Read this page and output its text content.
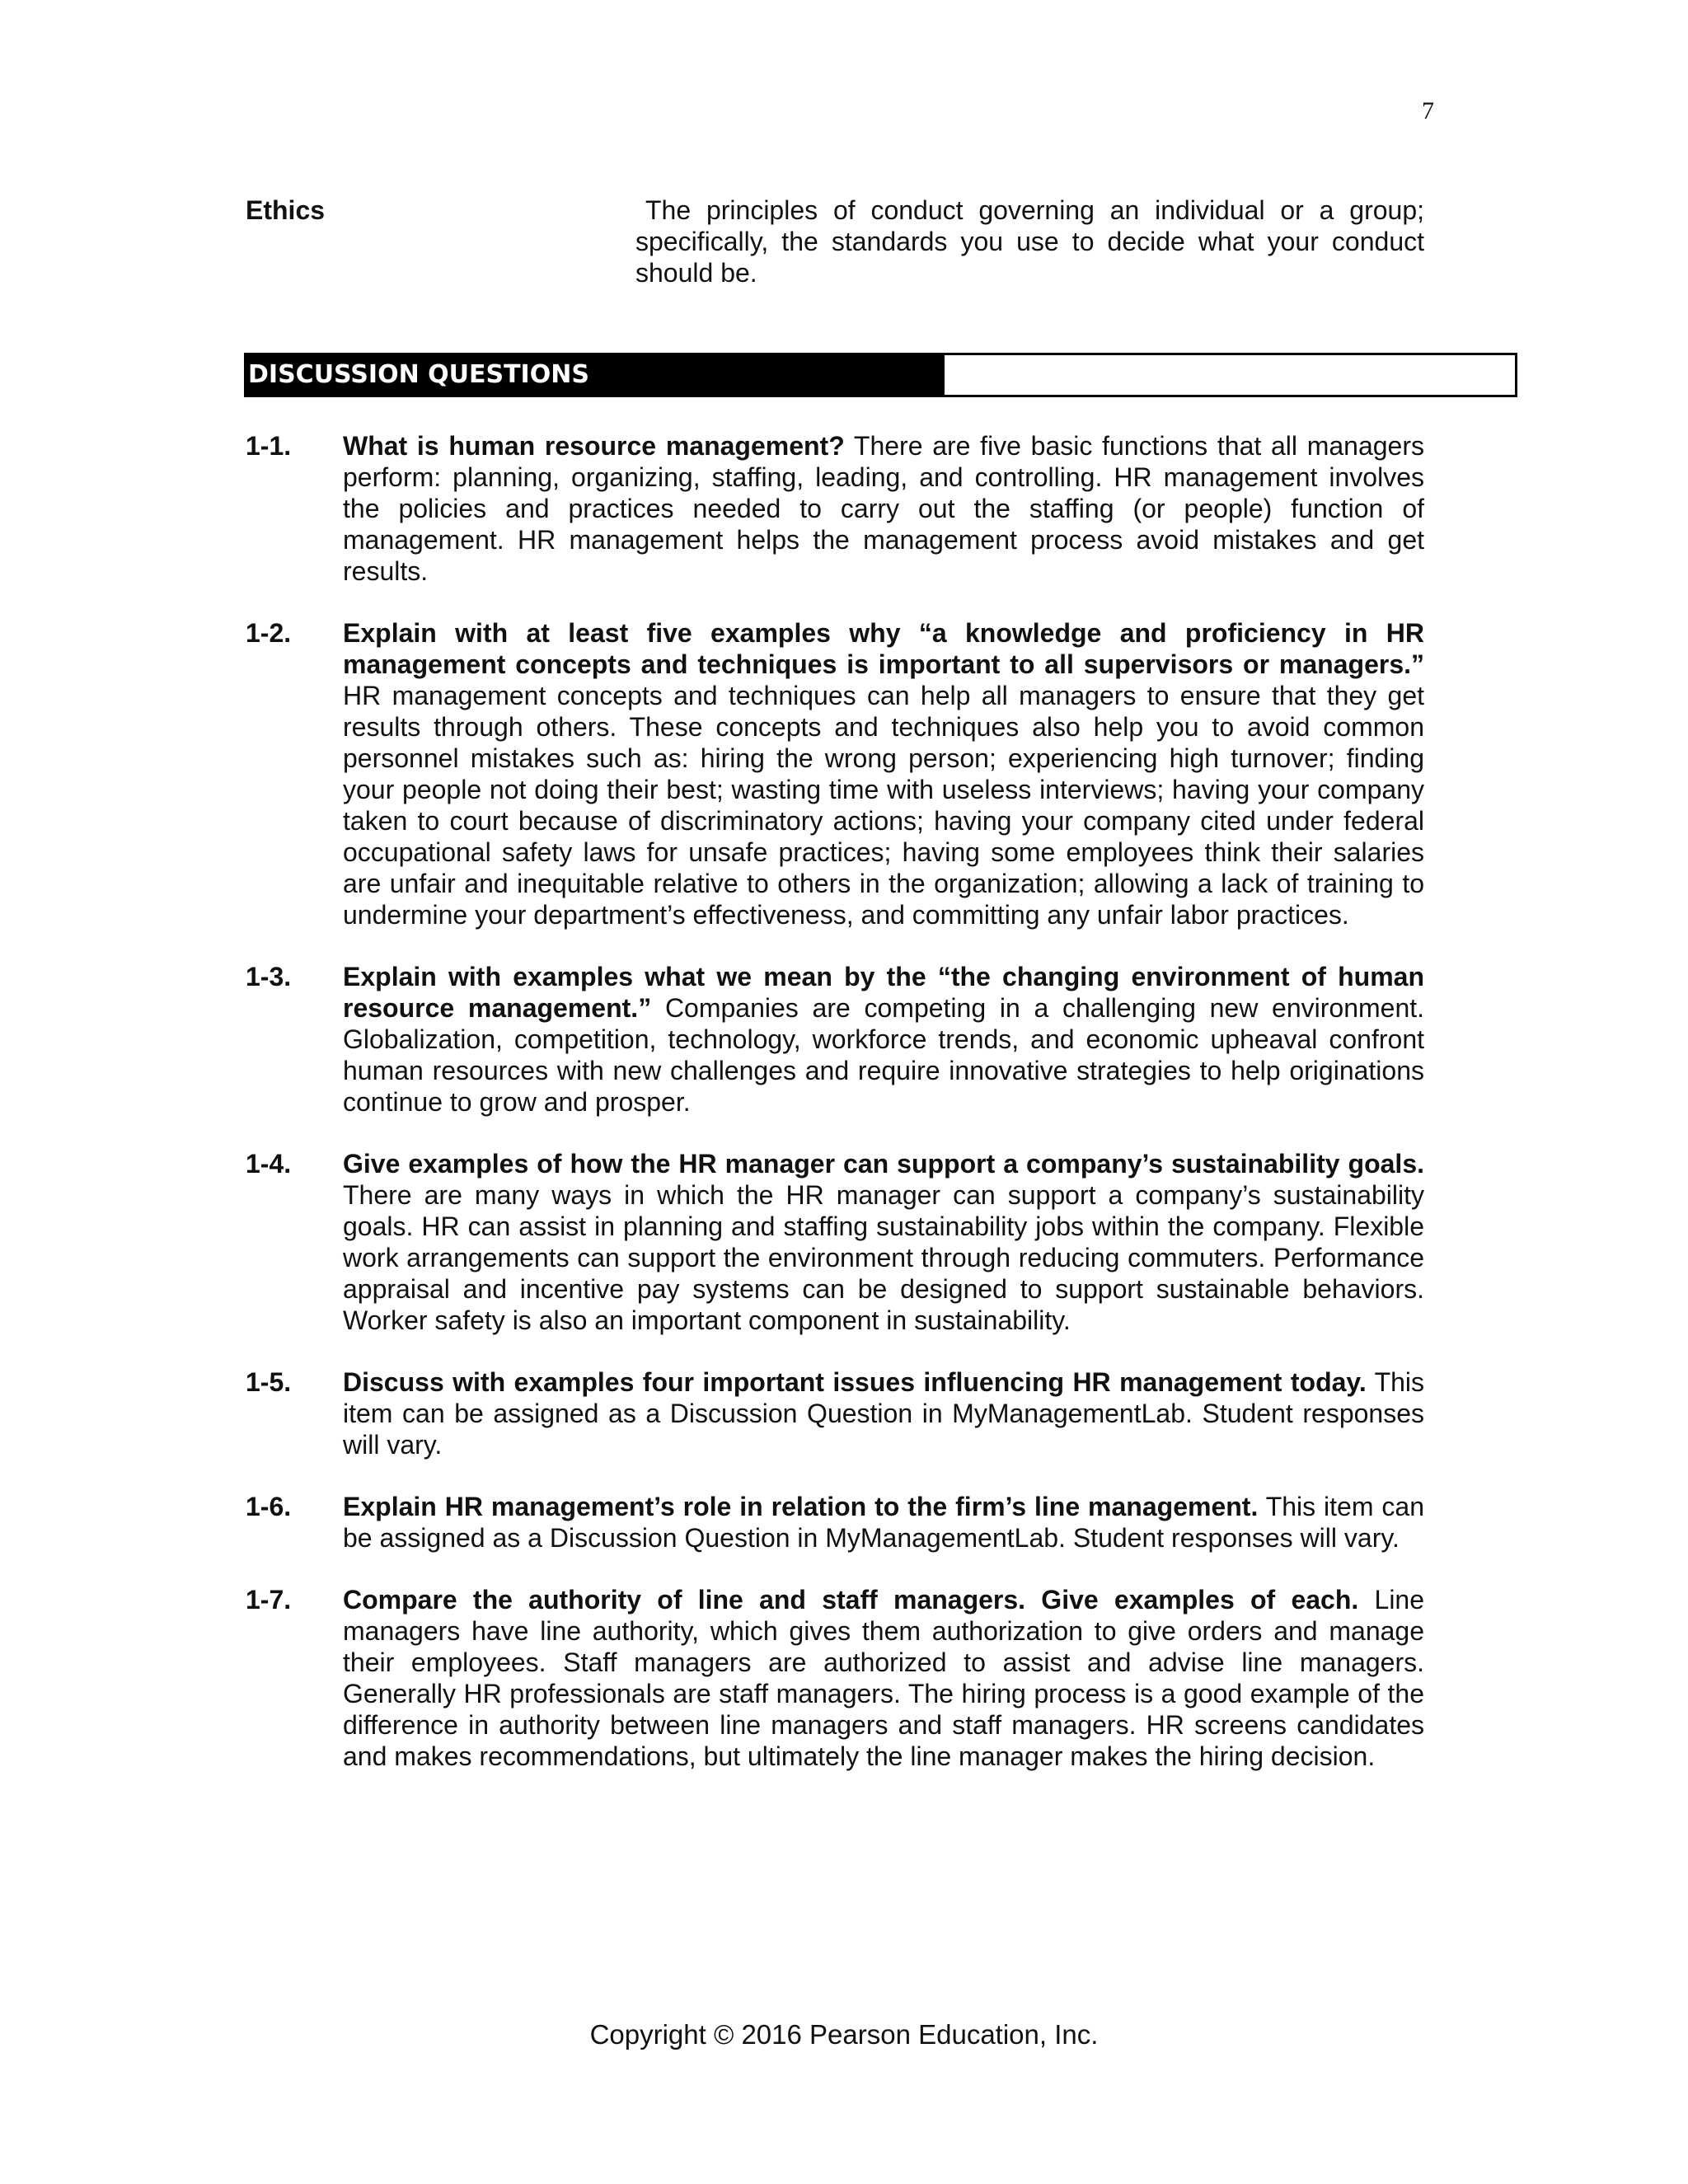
7
Ethics	The principles of conduct governing an individual or a group; specifically, the standards you use to decide what your conduct should be.
DISCUSSION QUESTIONS
1-1. What is human resource management? There are five basic functions that all managers perform: planning, organizing, staffing, leading, and controlling. HR management involves the policies and practices needed to carry out the staffing (or people) function of management. HR management helps the management process avoid mistakes and get results.
1-2. Explain with at least five examples why “a knowledge and proficiency in HR management concepts and techniques is important to all supervisors or managers.” HR management concepts and techniques can help all managers to ensure that they get results through others. These concepts and techniques also help you to avoid common personnel mistakes such as: hiring the wrong person; experiencing high turnover; finding your people not doing their best; wasting time with useless interviews; having your company taken to court because of discriminatory actions; having your company cited under federal occupational safety laws for unsafe practices; having some employees think their salaries are unfair and inequitable relative to others in the organization; allowing a lack of training to undermine your department’s effectiveness, and committing any unfair labor practices.
1-3. Explain with examples what we mean by the “the changing environment of human resource management.” Companies are competing in a challenging new environment. Globalization, competition, technology, workforce trends, and economic upheaval confront human resources with new challenges and require innovative strategies to help originations continue to grow and prosper.
1-4. Give examples of how the HR manager can support a company’s sustainability goals. There are many ways in which the HR manager can support a company’s sustainability goals. HR can assist in planning and staffing sustainability jobs within the company. Flexible work arrangements can support the environment through reducing commuters. Performance appraisal and incentive pay systems can be designed to support sustainable behaviors. Worker safety is also an important component in sustainability.
1-5. Discuss with examples four important issues influencing HR management today. This item can be assigned as a Discussion Question in MyManagementLab. Student responses will vary.
1-6. Explain HR management’s role in relation to the firm’s line management. This item can be assigned as a Discussion Question in MyManagementLab. Student responses will vary.
1-7. Compare the authority of line and staff managers. Give examples of each. Line managers have line authority, which gives them authorization to give orders and manage their employees. Staff managers are authorized to assist and advise line managers. Generally HR professionals are staff managers. The hiring process is a good example of the difference in authority between line managers and staff managers. HR screens candidates and makes recommendations, but ultimately the line manager makes the hiring decision.
Copyright © 2016 Pearson Education, Inc.
